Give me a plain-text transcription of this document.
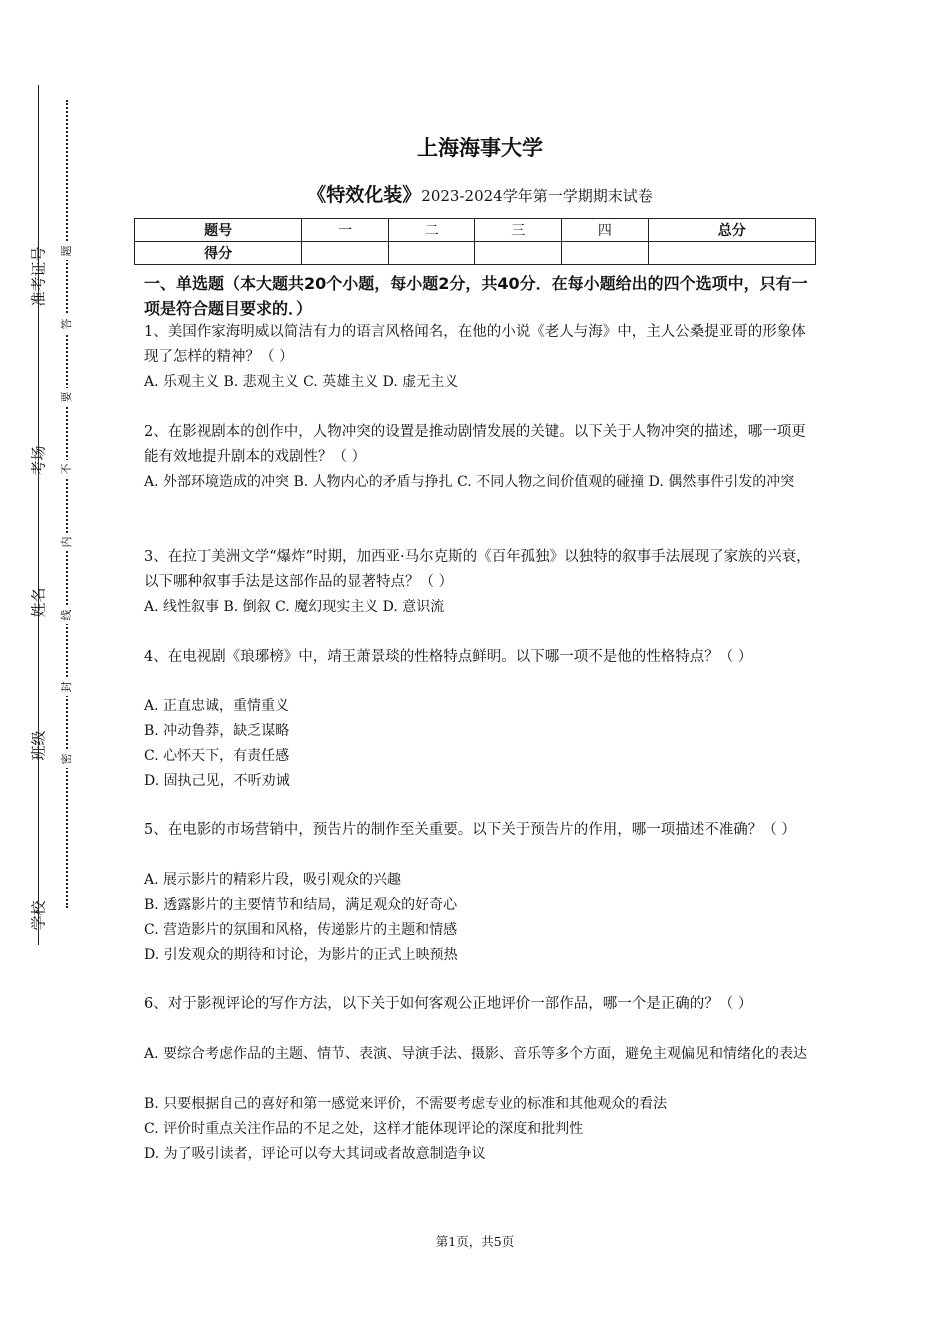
准考证号
考场
姓名
班级
学校
题
答
要
不
内
线
封
密
上海海事大学
《特效化装》2023-2024学年第一学期期末试卷
题号	一	二	三	四	总分
得分					
一、单选题（本大题共20个小题，每小题2分，共40分．在每小题给出的四个选项中，只有一项是符合题目要求的．）
1、美国作家海明威以简洁有力的语言风格闻名，在他的小说《老人与海》中，主人公桑提亚哥的形象体现了怎样的精神？（ ）
A. 乐观主义 B. 悲观主义 C. 英雄主义 D. 虚无主义
2、在影视剧本的创作中，人物冲突的设置是推动剧情发展的关键。以下关于人物冲突的描述，哪一项更能有效地提升剧本的戏剧性？（ ）
A. 外部环境造成的冲突 B. 人物内心的矛盾与挣扎 C. 不同人物之间价值观的碰撞 D. 偶然事件引发的冲突
3、在拉丁美洲文学“爆炸”时期，加西亚·马尔克斯的《百年孤独》以独特的叙事手法展现了家族的兴衰，以下哪种叙事手法是这部作品的显著特点？（ ）
A. 线性叙事 B. 倒叙 C. 魔幻现实主义 D. 意识流
4、在电视剧《琅琊榜》中，靖王萧景琰的性格特点鲜明。以下哪一项不是他的性格特点？（ ）
A. 正直忠诚，重情重义
B. 冲动鲁莽，缺乏谋略
C. 心怀天下，有责任感
D. 固执己见，不听劝诫
5、在电影的市场营销中，预告片的制作至关重要。以下关于预告片的作用，哪一项描述不准确？（ ）
A. 展示影片的精彩片段，吸引观众的兴趣
B. 透露影片的主要情节和结局，满足观众的好奇心
C. 营造影片的氛围和风格，传递影片的主题和情感
D. 引发观众的期待和讨论，为影片的正式上映预热
6、对于影视评论的写作方法，以下关于如何客观公正地评价一部作品，哪一个是正确的？（ ）
A. 要综合考虑作品的主题、情节、表演、导演手法、摄影、音乐等多个方面，避免主观偏见和情绪化的表达
B. 只要根据自己的喜好和第一感觉来评价，不需要考虑专业的标准和其他观众的看法
C. 评价时重点关注作品的不足之处，这样才能体现评论的深度和批判性
D. 为了吸引读者，评论可以夸大其词或者故意制造争议
第1页，共5页
